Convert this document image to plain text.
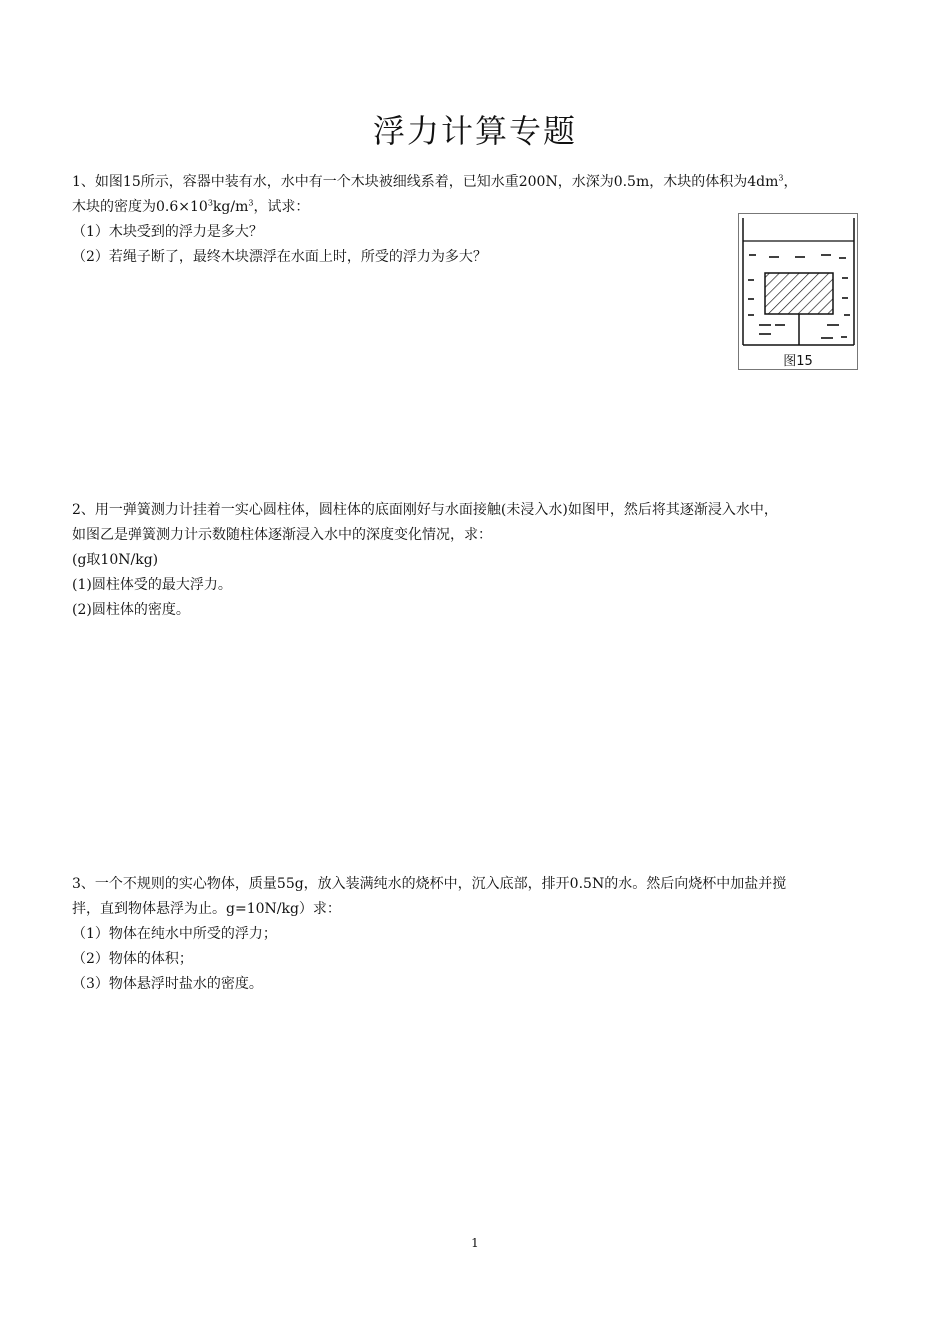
浮力计算专题

1、如图15所示，容器中装有水，水中有一个木块被细线系着，已知水重200N，水深为0.5m，木块的体积为$4dm^3$，

木块的密度为$0.6\times 10^3kg/m^3$，试求：

（1）木块受到的浮力是多大？

（2）若绳子断了，最终木块漂浮在水面上时，所受的浮力为多大？

图15

2、用一弹簧测力计挂着一实心圆柱体，圆柱体的底面刚好与水面接触(未浸入水)如图甲，然后将其逐渐浸入水中，

如图乙是弹簧测力计示数随柱体逐渐浸入水中的深度变化情况，求：

(g取10N/kg)

(1)圆柱体受的最大浮力。

(2)圆柱体的密度。

3、一个不规则的实心物体，质量55g，放入装满纯水的烧杯中，沉入底部，排开0.5N的水。然后向烧杯中加盐并搅

拌，直到物体悬浮为止。g=10N/kg）求：

（1）物体在纯水中所受的浮力；

（2）物体的体积；

（3）物体悬浮时盐水的密度。

1
